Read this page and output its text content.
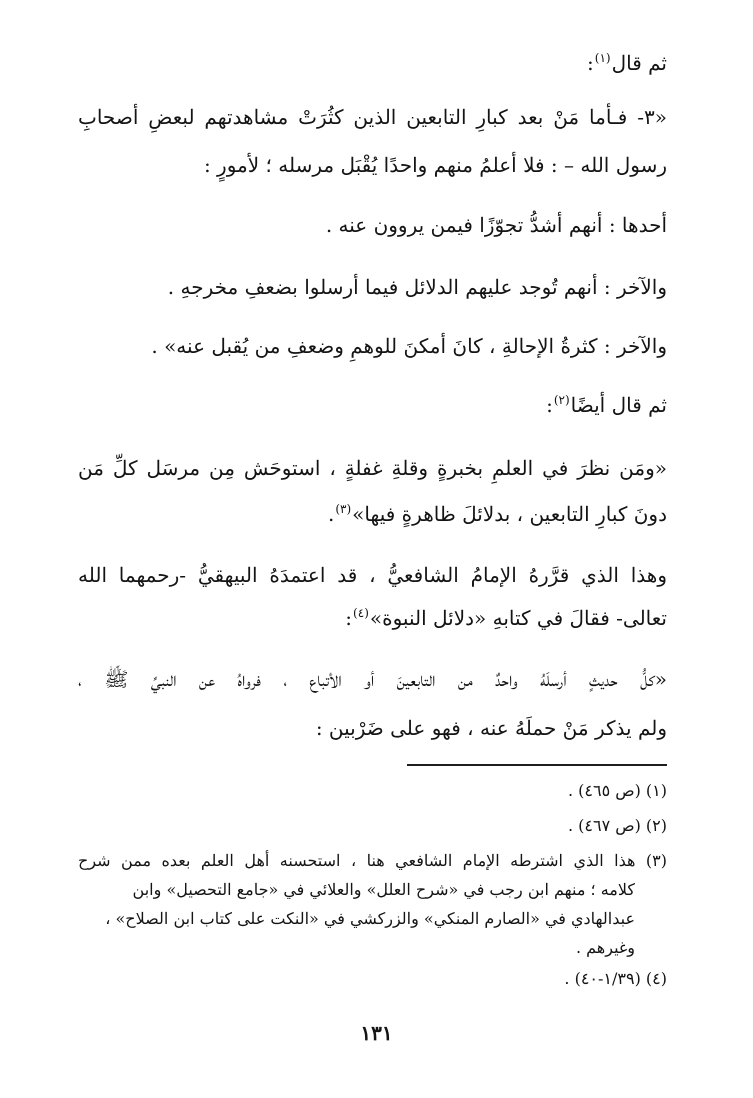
ثم قال$^{(١)}$:
«٣- فـأما مَنْ بعد كبارِ التابعين الذين كثُرَتْ مشاهدتهم لبعضِ أصحابِ
رسول الله – : فلا أعلمُ منهم واحدًا يُقْبَل مرسله ؛ لأمورٍ :
أحدها : أنهم أشدُّ تجوّزًا فيمن يروون عنه .
والآخر : أنهم تُوجد عليهم الدلائل فيما أرسلوا بضعفِ مخرجهِ .
والآخر : كثرةُ الإحالةِ ، كانَ أمكنَ للوهمِ وضعفِ من يُقبل عنه» .
ثم قال أيضًا$^{(٢)}$:
«ومَن نظرَ في العلمِ بخبرةٍ وقلةِ غفلةٍ ، استوحَش مِن مرسَل كلِّ مَن
دونَ كبارِ التابعين ، بدلائلَ ظاهرةٍ فيها»$^{(٣)}$.
وهذا الذي قرَّرهُ الإمامُ الشافعيُّ ، قد اعتمدَهُ البيهقيُّ -رحمهما الله
تعالى- فقالَ في كتابهِ «دلائل النبوة»$^{(٤)}$:
«كلُّ حديثٍ أرسلَهُ واحدٌ من التابعينَ أو الأتباع ، فرواهُ عن النبيِّ ﷺ ،
ولم يذكر مَنْ حملَهُ عنه ، فهو على ضَرْبين :
(١) (ص ٤٦٥) .
(٢) (ص ٤٦٧) .
(٣) هذا الذي اشترطه الإمام الشافعي هنا ، استحسنه أهل العلم بعده ممن شرح
كلامه ؛ منهم ابن رجب في «شرح العلل» والعلائي في «جامع التحصيل» وابن
عبدالهادي في «الصارم المنكي» والزركشي في «النكت على كتاب ابن الصلاح» ،
وغيرهم .
(٤) (١/٣٩-٤٠) .
١٣١
